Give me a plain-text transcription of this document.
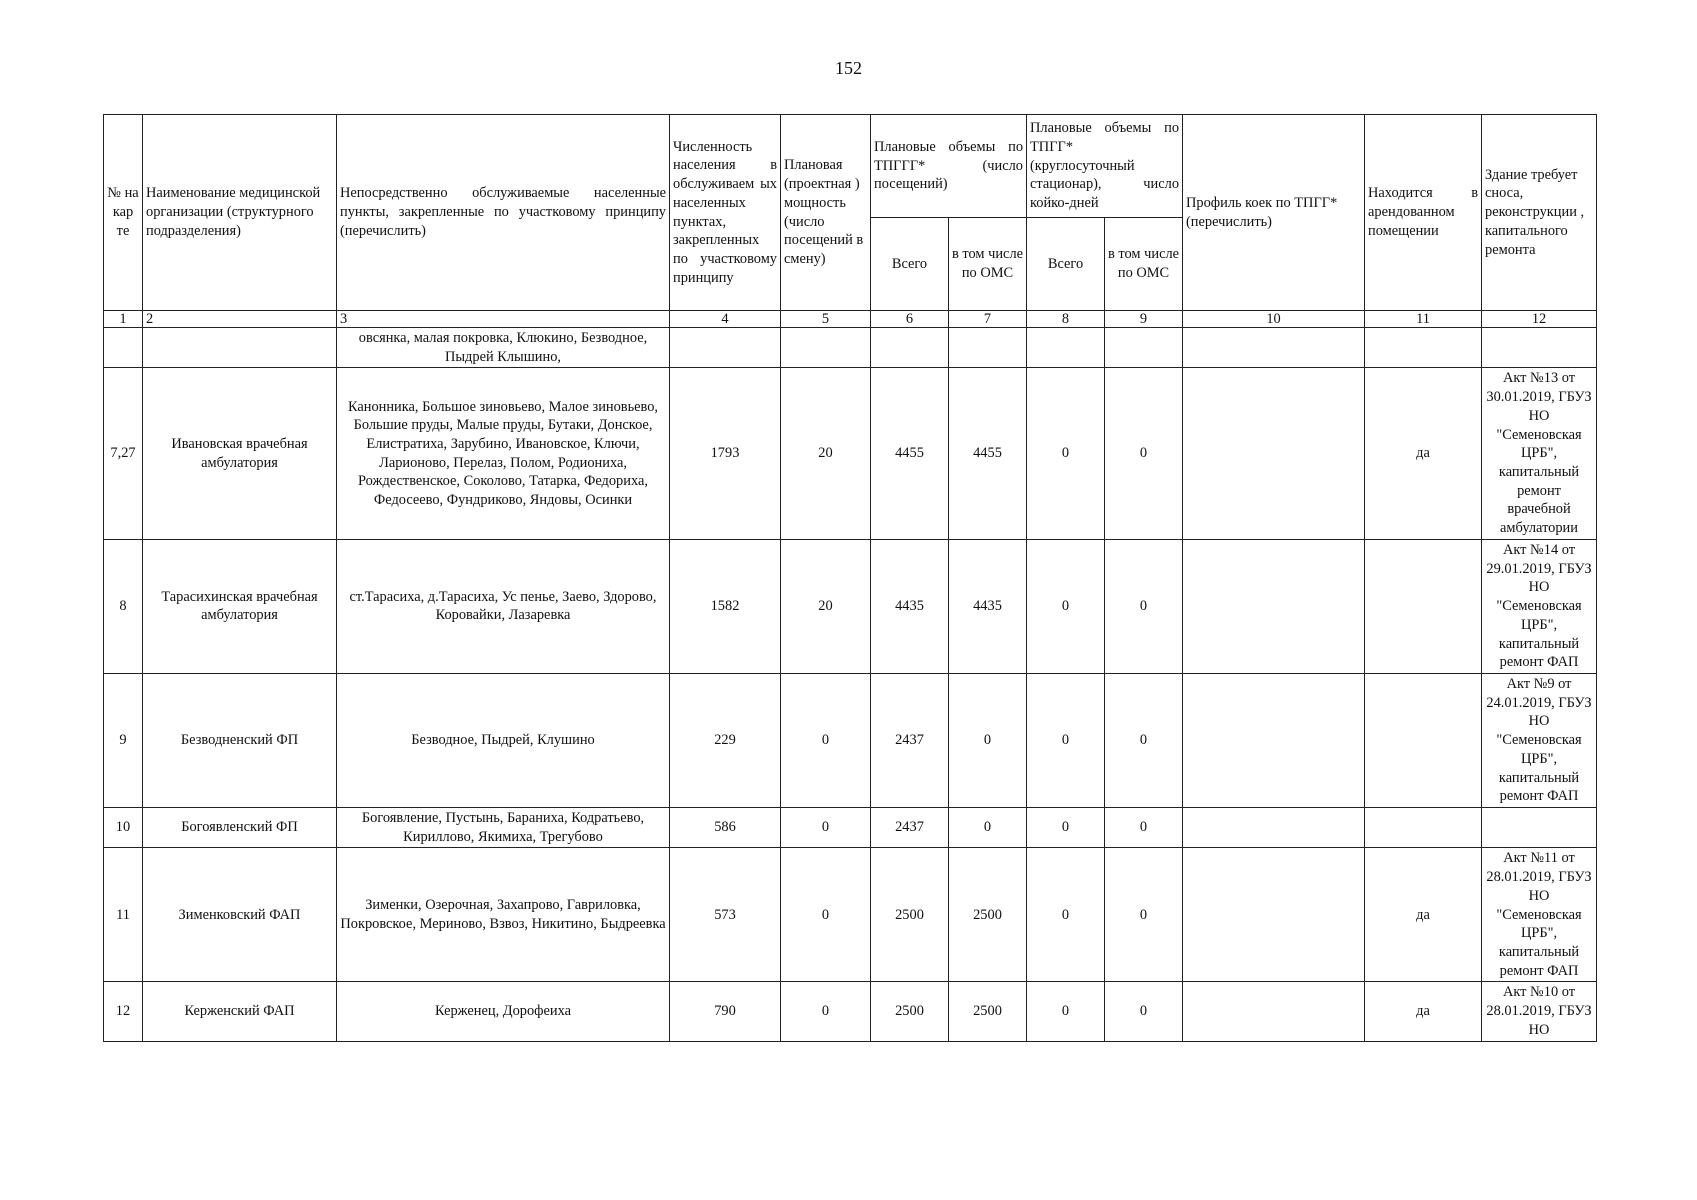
152
№ на кар те	Наименование медицинской организации (структурного подразделения)	Непосредственно обслуживаемые населенные пункты, закрепленные по участковому принципу (перечислить)	Численность населения в обслуживаем ых населенных пунктах, закрепленных по участковому принципу	Плановая (проектная ) мощность (число посещений в смену)	Плановые объемы по ТПГГГ* (число посещений)		Плановые объемы по ТПГГ* (круглосуточный стационар), число койко-дней		Профиль коек по ТПГГ* (перечислить)	Находится в арендованном помещении	Здание требует сноса, реконструкции , капитального ремонта
					Всего	в том числе по ОМС	Всего	в том числе по ОМС			
1	2	3	4	5	6	7	8	9	10	11	12
		овсянка, малая покровка, Клюкино, Безводное, Пыдрей Клышино,									
7,27	Ивановская врачебная амбулатория	Канонника, Большое зиновьево, Малое зиновьево, Большие пруды, Малые пруды, Бутаки, Донское, Елистратиха, Зарубино, Ивановское, Ключи, Ларионово, Перелаз, Полом, Родиониха, Рождественское, Соколово, Татарка, Федориха, Федосеево, Фундриково, Яндовы, Осинки	1793	20	4455	4455	0	0		да	Акт №13 от 30.01.2019, ГБУЗ НО "Семеновская ЦРБ", капитальный ремонт врачебной амбулатории
8	Тарасихинская врачебная амбулатория	ст.Тарасиха, д.Тарасиха, Ус пенье, Заево, Здорово, Коровайки, Лазаревка	1582	20	4435	4435	0	0			Акт №14 от 29.01.2019, ГБУЗ НО "Семеновская ЦРБ", капитальный ремонт ФАП
9	Безводненский ФП	Безводное, Пыдрей, Клушино	229	0	2437	0	0	0			Акт №9 от 24.01.2019, ГБУЗ НО "Семеновская ЦРБ", капитальный ремонт ФАП
10	Богоявленский ФП	Богоявление, Пустынь, Бараниха, Кодратьево, Кириллово, Якимиха, Трегубово	586	0	2437	0	0	0			
11	Зименковский ФАП	Зименки, Озерочная, Захапрово, Гавриловка, Покровское, Мериново, Взвоз, Никитино, Быдреевка	573	0	2500	2500	0	0		да	Акт №11 от 28.01.2019, ГБУЗ НО "Семеновская ЦРБ", капитальный ремонт ФАП
12	Керженский ФАП	Керженец, Дорофеиха	790	0	2500	2500	0	0		да	Акт №10 от 28.01.2019, ГБУЗ НО
